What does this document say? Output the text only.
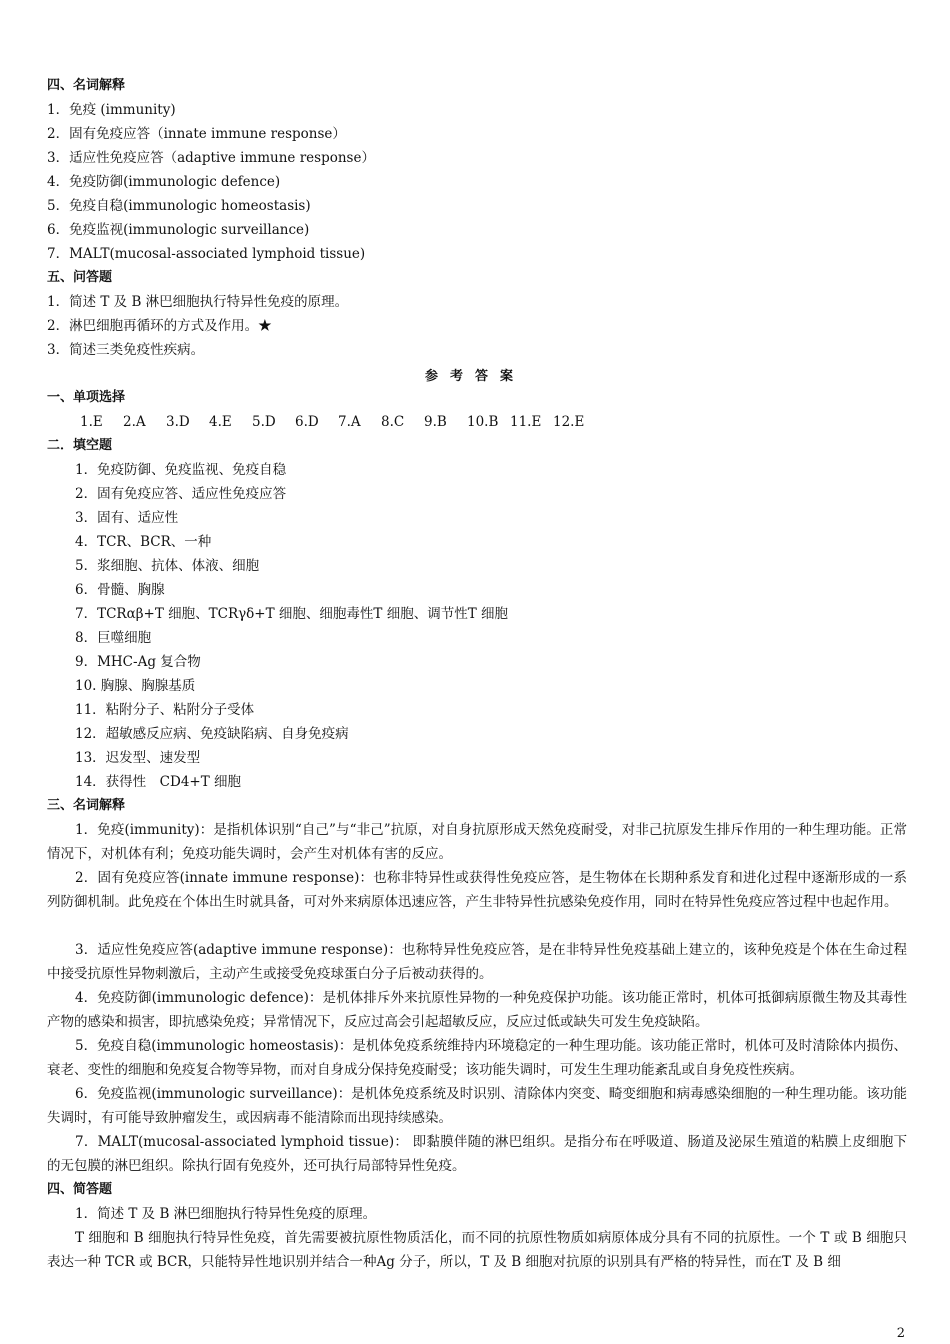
四、名词解释
1．免疫 (immunity)
2．固有免疫应答（innate immune response）
3．适应性免疫应答（adaptive immune response）
4．免疫防御(immunologic defence)
5．免疫自稳(immunologic homeostasis)
6．免疫监视(immunologic surveillance)
7．MALT(mucosal-associated lymphoid tissue)
五、问答题
1．简述 T 及 B 淋巴细胞执行特异性免疫的原理。
2．淋巴细胞再循环的方式及作用。★
3．简述三类免疫性疾病。
参考答案
一、单项选择
1.E	2.A	3.D	4.E	5.D	6.D	7.A	8.C	9.B	10.B 11.E 12.E
二．填空题
1．免疫防御、免疫监视、免疫自稳
2．固有免疫应答、适应性免疫应答
3．固有、适应性
4．TCR、BCR、一种
5．浆细胞、抗体、体液、细胞
6．骨髓、胸腺
7．TCRαβ+T 细胞、TCRγδ+T 细胞、细胞毒性T 细胞、调节性T 细胞
8．巨噬细胞
9．MHC-Ag 复合物
10. 胸腺、胸腺基质
11．粘附分子、粘附分子受体
12．超敏感反应病、免疫缺陷病、自身免疫病
13．迟发型、速发型
14．获得性　CD4+T 细胞
三、名词解释
1．免疫(immunity)：是指机体识别“自己”与“非己”抗原，对自身抗原形成天然免疫耐受，对非己抗原发生排斥作用的一种生理功能。正常情况下，对机体有利；免疫功能失调时，会产生对机体有害的反应。
2．固有免疫应答(innate immune response)：也称非特异性或获得性免疫应答，是生物体在长期种系发育和进化过程中逐渐形成的一系列防御机制。此免疫在个体出生时就具备，可对外来病原体迅速应答，产生非特异性抗感染免疫作用，同时在特异性免疫应答过程中也起作用。
3．适应性免疫应答(adaptive immune response)：也称特异性免疫应答，是在非特异性免疫基础上建立的，该种免疫是个体在生命过程中接受抗原性异物刺激后，主动产生或接受免疫球蛋白分子后被动获得的。
4．免疫防御(immunologic defence)：是机体排斥外来抗原性异物的一种免疫保护功能。该功能正常时，机体可抵御病原微生物及其毒性产物的感染和损害，即抗感染免疫；异常情况下，反应过高会引起超敏反应，反应过低或缺失可发生免疫缺陷。
5．免疫自稳(immunologic homeostasis)：是机体免疫系统维持内环境稳定的一种生理功能。该功能正常时，机体可及时清除体内损伤、衰老、变性的细胞和免疫复合物等异物，而对自身成分保持免疫耐受；该功能失调时，可发生生理功能紊乱或自身免疫性疾病。
6．免疫监视(immunologic surveillance)：是机体免疫系统及时识别、清除体内突变、畸变细胞和病毒感染细胞的一种生理功能。该功能失调时，有可能导致肿瘤发生，或因病毒不能清除而出现持续感染。
7．MALT(mucosal-associated lymphoid tissue)： 即黏膜伴随的淋巴组织。是指分布在呼吸道、肠道及泌尿生殖道的粘膜上皮细胞下的无包膜的淋巴组织。除执行固有免疫外，还可执行局部特异性免疫。
四、简答题
1．简述 T 及 B 淋巴细胞执行特异性免疫的原理。
T 细胞和 B 细胞执行特异性免疫，首先需要被抗原性物质活化，而不同的抗原性物质如病原体成分具有不同的抗原性。一个 T 或 B 细胞只表达一种 TCR 或 BCR，只能特异性地识别并结合一种Ag 分子，所以，T 及 B 细胞对抗原的识别具有严格的特异性，而在T 及 B 细
2
